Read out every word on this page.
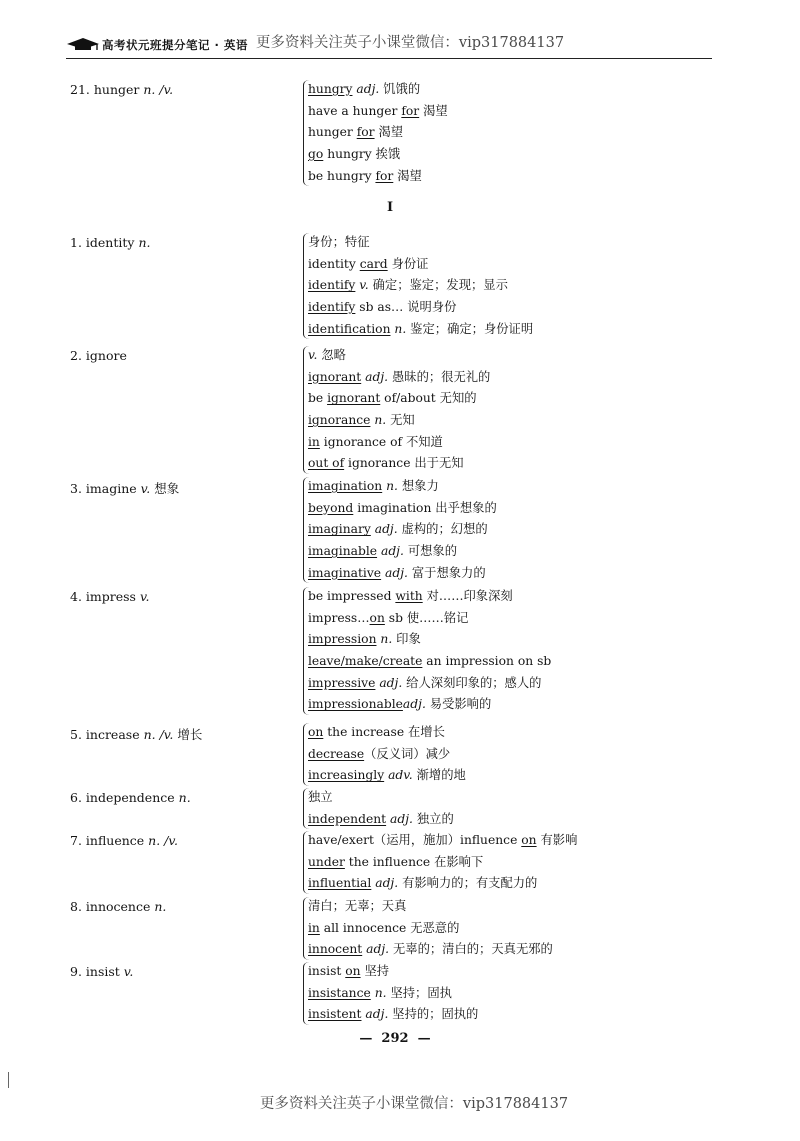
高考状元班提分笔记 · 英语 更多资料关注英子小课堂微信：vip317884137
I
21. hunger n. /v.	hungry adj. 饥饿的
have a hunger for 渴望
hunger for 渴望
go hungry 挨饿
be hungry for 渴望
1. identity n.	身份；特征
identity card 身份证
identify v. 确定；鉴定；发现；显示
identify sb as… 说明身份
identification n. 鉴定；确定；身份证明
2. ignore	v. 忽略
ignorant adj. 愚昧的；很无礼的
be ignorant of/about 无知的
ignorance n. 无知
in ignorance of 不知道
out of ignorance 出于无知
3. imagine v. 想象	imagination n. 想象力
beyond imagination 出乎想象的
imaginary adj. 虚构的；幻想的
imaginable adj. 可想象的
imaginative adj. 富于想象力的
4. impress v.	be impressed with 对……印象深刻
impress…on sb 使……铭记
impression n. 印象
leave/make/create an impression on sb
impressive adj. 给人深刻印象的；感人的
impressionableadj. 易受影响的
5. increase n. /v. 增长	on the increase 在增长
decrease（反义词）减少
increasingly adv. 渐增的地
6. independence n.	独立
independent adj. 独立的
7. influence n. /v.	have/exert（运用，施加）influence on 有影响
under the influence 在影响下
influential adj. 有影响力的；有支配力的
8. innocence n.	清白；无辜；天真
in all innocence 无恶意的
innocent adj. 无辜的；清白的；天真无邪的
9. insist v.	insist on 坚持
insistance n. 坚持；固执
insistent adj. 坚持的；固执的
—  292  —
更多资料关注英子小课堂微信：vip317884137
